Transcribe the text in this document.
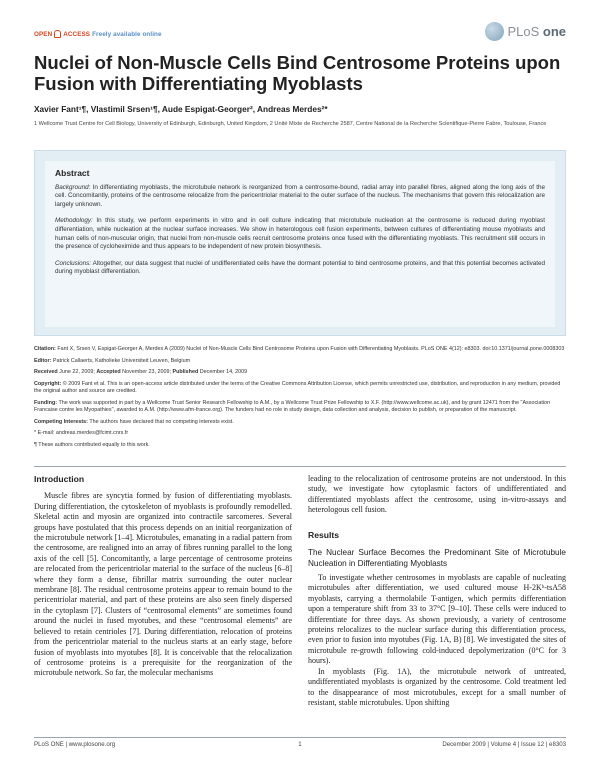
OPEN ACCESS Freely available online	PLoS one
Nuclei of Non-Muscle Cells Bind Centrosome Proteins upon Fusion with Differentiating Myoblasts
Xavier Fant¹¶, Vlastimil Srsen¹¶, Aude Espigat-Georger², Andreas Merdes²*
1 Wellcome Trust Centre for Cell Biology, University of Edinburgh, Edinburgh, United Kingdom, 2 Unité Mixte de Recherche 2587, Centre National de la Recherche Scientifique-Pierre Fabre, Toulouse, France
Abstract

Background: In differentiating myoblasts, the microtubule network is reorganized from a centrosome-bound, radial array into parallel fibres, aligned along the long axis of the cell. Concomitantly, proteins of the centrosome relocalize from the pericentriolar material to the outer surface of the nucleus. The mechanisms that govern this relocalization are largely unknown.

Methodology: In this study, we perform experiments in vitro and in cell culture indicating that microtubule nucleation at the centrosome is reduced during myoblast differentiation, while nucleation at the nuclear surface increases. We show in heterologous cell fusion experiments, between cultures of differentiating mouse myoblasts and human cells of non-muscular origin, that nuclei from non-muscle cells recruit centrosome proteins once fused with the differentiating myoblasts. This recruitment still occurs in the presence of cycloheximide and thus appears to be independent of new protein biosynthesis.

Conclusions: Altogether, our data suggest that nuclei of undifferentiated cells have the dormant potential to bind centrosome proteins, and that this potential becomes activated during myoblast differentiation.

Citation: Fant X, Srsen V, Espigat-Georger A, Merdes A (2009) Nuclei of Non-Muscle Cells Bind Centrosome Proteins upon Fusion with Differentiating Myoblasts. PLoS ONE 4(12): e8303. doi:10.1371/journal.pone.0008303

Editor: Patrick Callaerts, Katholieke Universiteit Leuven, Belgium

Received June 22, 2009; Accepted November 23, 2009; Published December 14, 2009

Copyright: © 2009 Fant et al. This is an open-access article distributed under the terms of the Creative Commons Attribution License, which permits unrestricted use, distribution, and reproduction in any medium, provided the original author and source are credited.

Funding: The work was supported in part by a Wellcome Trust Senior Research Fellowship to A.M., by a Wellcome Trust Prize Fellowship to X.F. (http://www.wellcome.ac.uk), and by grant 12471 from the "Association Francaise contre les Myopathies", awarded to A.M. (http://www.afm-france.org). The funders had no role in study design, data collection and analysis, decision to publish, or preparation of the manuscript.

Competing Interests: The authors have declared that no competing interests exist.

* E-mail: andreas.merdes@fcimt.cnrs.fr

¶ These authors contributed equally to this work.

Introduction

Muscle fibres are syncytia formed by fusion of differentiating myoblasts. During differentiation, the cytoskeleton of myoblasts is profoundly remodelled. Skeletal actin and myosin are organized into contractile sarcomeres. Several groups have postulated that this process depends on an initial reorganization of the microtubule network [1–4]. Microtubules, emanating in a radial pattern from the centrosome, are realigned into an array of fibres running parallel to the long axis of the cell [5]. Concomitantly, a large percentage of centrosome proteins are relocated from the pericentriolar material to the surface of the nucleus [6–8] where they form a dense, fibrillar matrix surrounding the outer nuclear membrane [8]. The residual centrosome proteins appear to remain bound to the pericentriolar material, and part of these proteins are also seen finely dispersed in the cytoplasm [7]. Clusters of “centrosomal elements” are sometimes found around the nuclei in fused myotubes, and these “centrosomal elements” are believed to retain centrioles [7]. During differentiation, relocation of proteins from the pericentriolar material to the nucleus starts at an early stage, before fusion of myoblasts into myotubes [8]. It is conceivable that the relocalization of centrosome proteins is a prerequisite for the reorganization of the microtubule network. So far, the molecular mechanisms

leading to the relocalization of centrosome proteins are not understood. In this study, we investigate how cytoplasmic factors of undifferentiated and differentiated myoblasts affect the centrosome, using in-vitro-assays and heterologous cell fusion.

Results
The Nuclear Surface Becomes the Predominant Site of Microtubule Nucleation in Differentiating Myoblasts

To investigate whether centrosomes in myoblasts are capable of nucleating microtubules after differentiation, we used cultured mouse H-2Kᵇ-tsA58 myoblasts, carrying a thermolabile T-antigen, which permits differentiation upon a temperature shift from 33 to 37°C [9–10]. These cells were induced to differentiate for three days. As shown previously, a variety of centrosome proteins relocalizes to the nuclear surface during this differentiation process, even prior to fusion into myotubes (Fig. 1A, B) [8]. We investigated the sites of microtubule re-growth following cold-induced depolymerization (0°C for 3 hours).

In myoblasts (Fig. 1A), the microtubule network of untreated, undifferentiated myoblasts is organized by the centrosome. Cold treatment led to the disappearance of most microtubules, except for a small number of resistant, stable microtubules. Upon shifting

PLoS ONE | www.plosone.org	1	December 2009 | Volume 4 | Issue 12 | e8303
